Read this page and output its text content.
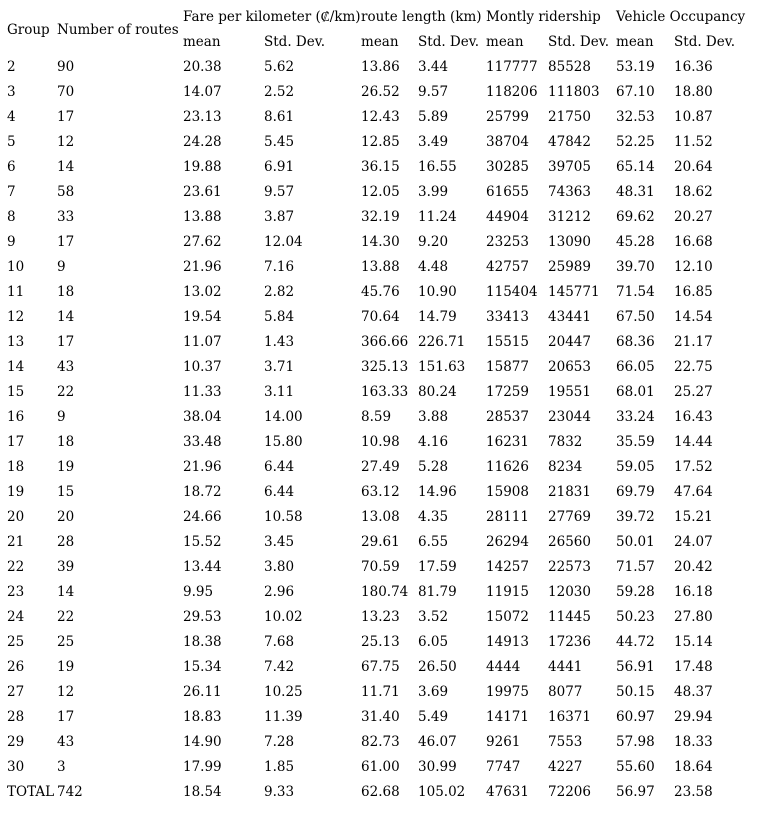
Group	Number of routes	Fare per kilometer (₡/km)		route length (km)		Montly ridership		Vehicle Occupancy	
		mean	Std. Dev.	mean	Std. Dev.	mean	Std. Dev.	mean	Std. Dev.
2	90	20.38	5.62	13.86	3.44	117777	85528	53.19	16.36
3	70	14.07	2.52	26.52	9.57	118206	111803	67.10	18.80
4	17	23.13	8.61	12.43	5.89	25799	21750	32.53	10.87
5	12	24.28	5.45	12.85	3.49	38704	47842	52.25	11.52
6	14	19.88	6.91	36.15	16.55	30285	39705	65.14	20.64
7	58	23.61	9.57	12.05	3.99	61655	74363	48.31	18.62
8	33	13.88	3.87	32.19	11.24	44904	31212	69.62	20.27
9	17	27.62	12.04	14.30	9.20	23253	13090	45.28	16.68
10	9	21.96	7.16	13.88	4.48	42757	25989	39.70	12.10
11	18	13.02	2.82	45.76	10.90	115404	145771	71.54	16.85
12	14	19.54	5.84	70.64	14.79	33413	43441	67.50	14.54
13	17	11.07	1.43	366.66	226.71	15515	20447	68.36	21.17
14	43	10.37	3.71	325.13	151.63	15877	20653	66.05	22.75
15	22	11.33	3.11	163.33	80.24	17259	19551	68.01	25.27
16	9	38.04	14.00	8.59	3.88	28537	23044	33.24	16.43
17	18	33.48	15.80	10.98	4.16	16231	7832	35.59	14.44
18	19	21.96	6.44	27.49	5.28	11626	8234	59.05	17.52
19	15	18.72	6.44	63.12	14.96	15908	21831	69.79	47.64
20	20	24.66	10.58	13.08	4.35	28111	27769	39.72	15.21
21	28	15.52	3.45	29.61	6.55	26294	26560	50.01	24.07
22	39	13.44	3.80	70.59	17.59	14257	22573	71.57	20.42
23	14	9.95	2.96	180.74	81.79	11915	12030	59.28	16.18
24	22	29.53	10.02	13.23	3.52	15072	11445	50.23	27.80
25	25	18.38	7.68	25.13	6.05	14913	17236	44.72	15.14
26	19	15.34	7.42	67.75	26.50	4444	4441	56.91	17.48
27	12	26.11	10.25	11.71	3.69	19975	8077	50.15	48.37
28	17	18.83	11.39	31.40	5.49	14171	16371	60.97	29.94
29	43	14.90	7.28	82.73	46.07	9261	7553	57.98	18.33
30	3	17.99	1.85	61.00	30.99	7747	4227	55.60	18.64
TOTAL	742	18.54	9.33	62.68	105.02	47631	72206	56.97	23.58
